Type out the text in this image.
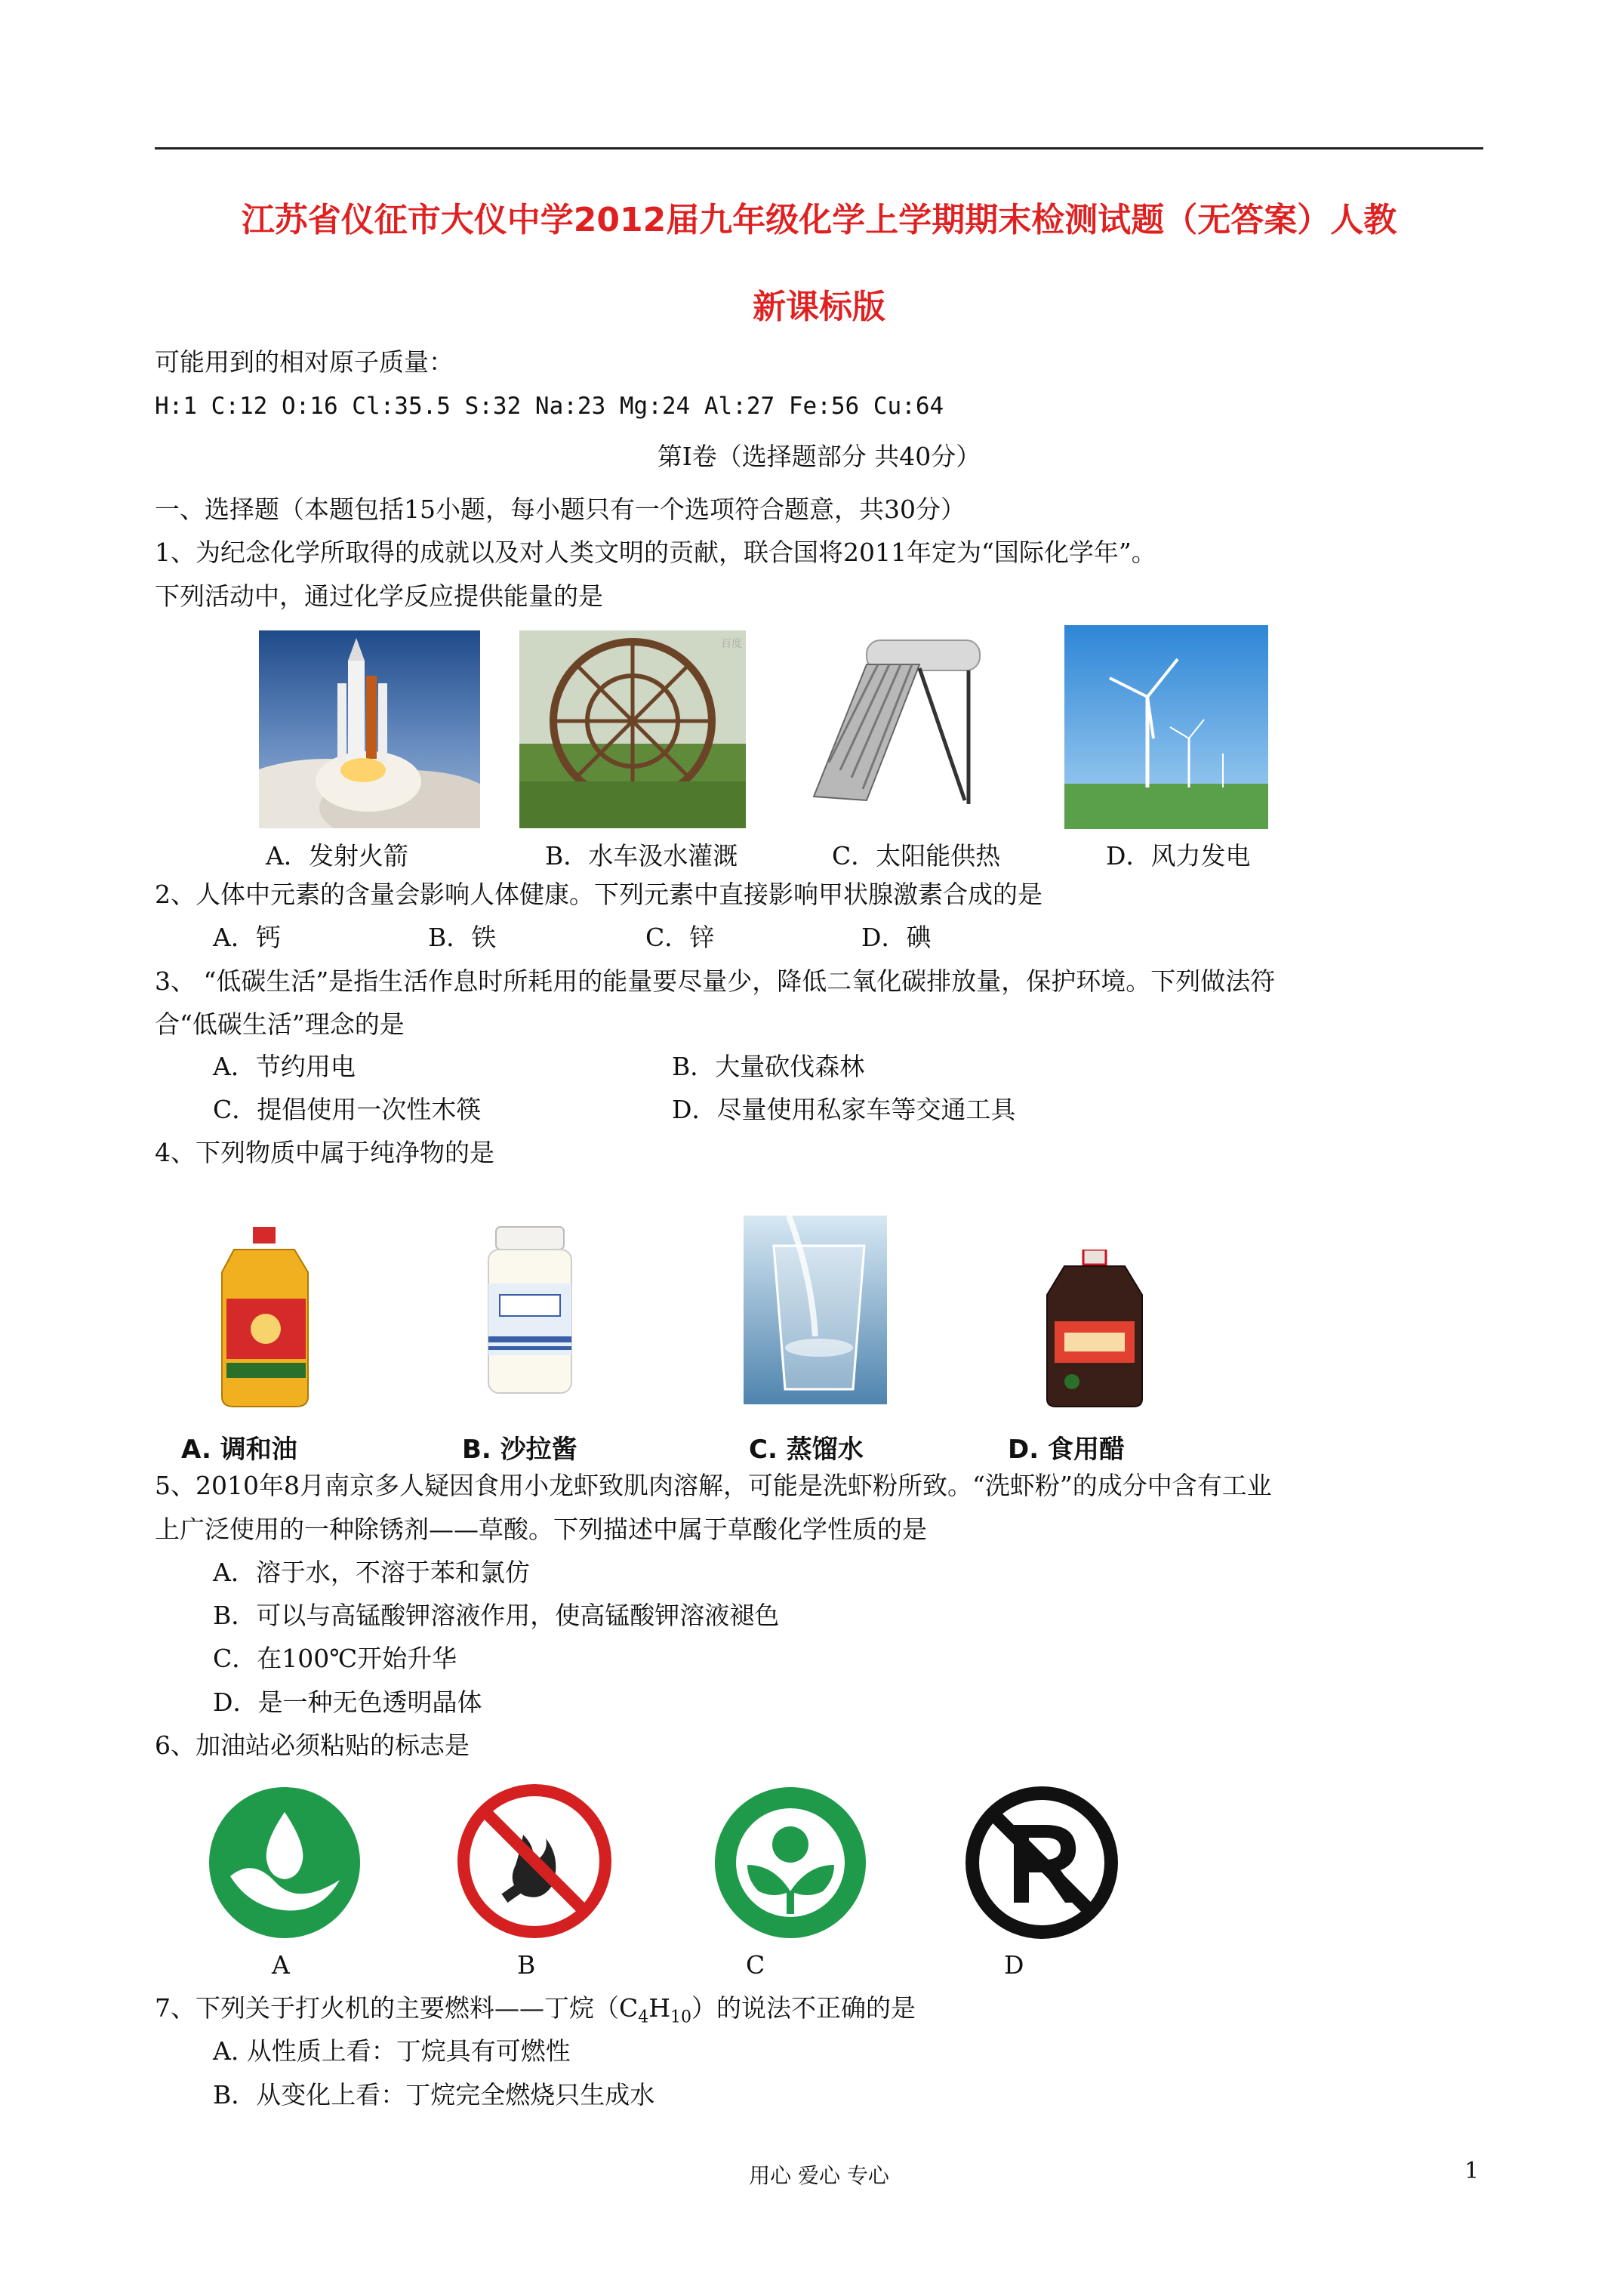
江苏省仪征市大仪中学2012届九年级化学上学期期末检测试题（无答案）人教
新课标版
可能用到的相对原子质量：
H:1 C:12 O:16 Cl:35.5 S:32 Na:23 Mg:24 Al:27 Fe:56 Cu:64
第Ⅰ卷（选择题部分 共40分）
一、选择题（本题包括15小题，每小题只有一个选项符合题意，共30分）
1、为纪念化学所取得的成就以及对人类文明的贡献，联合国将2011年定为“国际化学年”。
下列活动中，通过化学反应提供能量的是
百度
A．发射火箭	B．水车汲水灌溉	C．太阳能供热	D．风力发电
2、人体中元素的含量会影响人体健康。下列元素中直接影响甲状腺激素合成的是
A．钙	B．铁	C．锌	D．碘
3、 “低碳生活”是指生活作息时所耗用的能量要尽量少，降低二氧化碳排放量，保护环境。下列做法符
合“低碳生活”理念的是
A．节约用电	B．大量砍伐森林
C．提倡使用一次性木筷	D．尽量使用私家车等交通工具
4、下列物质中属于纯净物的是
A. 调和油	B. 沙拉酱	C. 蒸馏水	D. 食用醋
5、2010年8月南京多人疑因食用小龙虾致肌肉溶解，可能是洗虾粉所致。“洗虾粉”的成分中含有工业
上广泛使用的一种除锈剂——草酸。下列描述中属于草酸化学性质的是
A．溶于水，不溶于苯和氯仿
B．可以与高锰酸钾溶液作用，使高锰酸钾溶液褪色
C．在100℃开始升华
D．是一种无色透明晶体
6、加油站必须粘贴的标志是
A	B	C	D
7、下列关于打火机的主要燃料——丁烷$(C_4H_{10})$的说法不正确的是
A. 从性质上看：丁烷具有可燃性
B．从变化上看：丁烷完全燃烧只生成水
用心 爱心 专心	1
